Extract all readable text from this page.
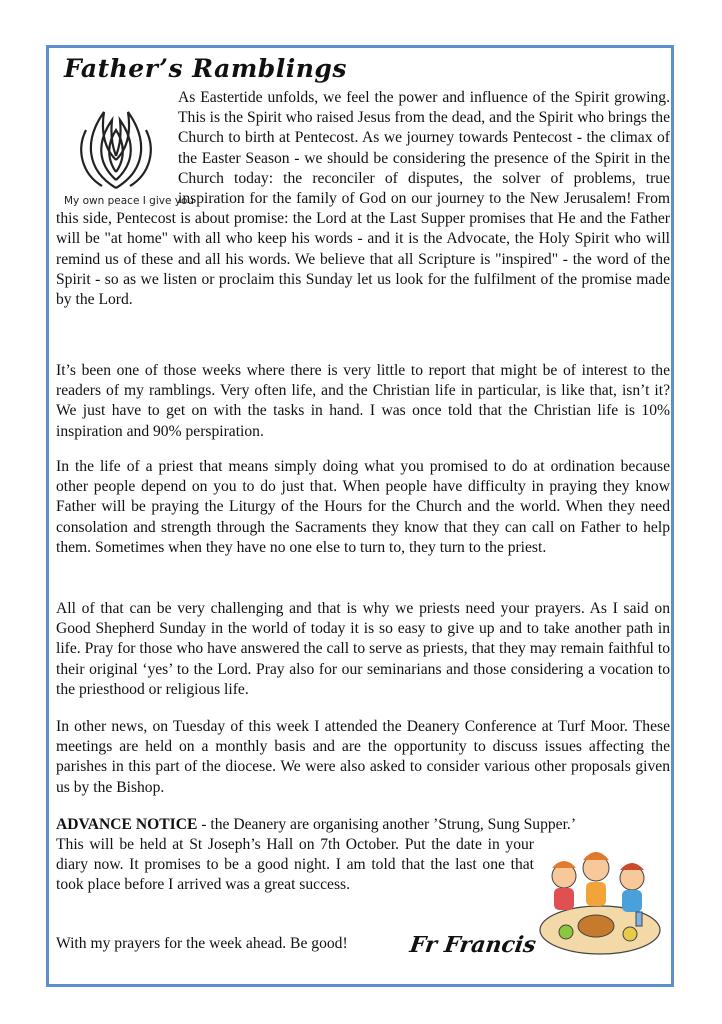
Father’s Ramblings
My own peace I give you

As Eastertide unfolds, we feel the power and influence of the Spirit growing. This is the Spirit who raised Jesus from the dead, and the Spirit who brings the Church to birth at Pentecost. As we journey towards Pentecost - the climax of the Easter Season - we should be considering the presence of the Spirit in the Church today: the reconciler of disputes, the solver of problems, true inspiration for the family of God on our journey to the New Jerusalem! From this side, Pentecost is about promise: the Lord at the Last Supper promises that He and the Father will be "at home" with all who keep his words - and it is the Advocate, the Holy Spirit who will remind us of these and all his words. We believe that all Scripture is "inspired" - the word of the Spirit - so as we listen or proclaim this Sunday let us look for the fulfilment of the promise made by the Lord.

It’s been one of those weeks where there is very little to report that might be of interest to the readers of my ramblings. Very often life, and the Christian life in particular, is like that, isn’t it? We just have to get on with the tasks in hand. I was once told that the Christian life is 10% inspiration and 90% perspiration.

In the life of a priest that means simply doing what you promised to do at ordination because other people depend on you to do just that. When people have difficulty in praying they know Father will be praying the Liturgy of the Hours for the Church and the world. When they need consolation and strength through the Sacraments they know that they can call on Father to help them. Sometimes when they have no one else to turn to, they turn to the priest.

All of that can be very challenging and that is why we priests need your prayers. As I said on Good Shepherd Sunday in the world of today it is so easy to give up and to take another path in life. Pray for those who have answered the call to serve as priests, that they may remain faithful to their original ‘yes’ to the Lord. Pray also for our seminarians and those considering a vocation to the priesthood or religious life.

In other news, on Tuesday of this week I attended the Deanery Conference at Turf Moor. These meetings are held on a monthly basis and are the opportunity to discuss issues affecting the parishes in this part of the diocese. We were also asked to consider various other proposals given us by the Bishop.

ADVANCE NOTICE - the Deanery are organising another ’Strung, Sung Supper.’

This will be held at St Joseph’s Hall on 7th October. Put the date in your diary now. It promises to be a good night. I am told that the last one that took place before I arrived was a great success.

With my prayers for the week ahead. Be good!	Fr Francis
